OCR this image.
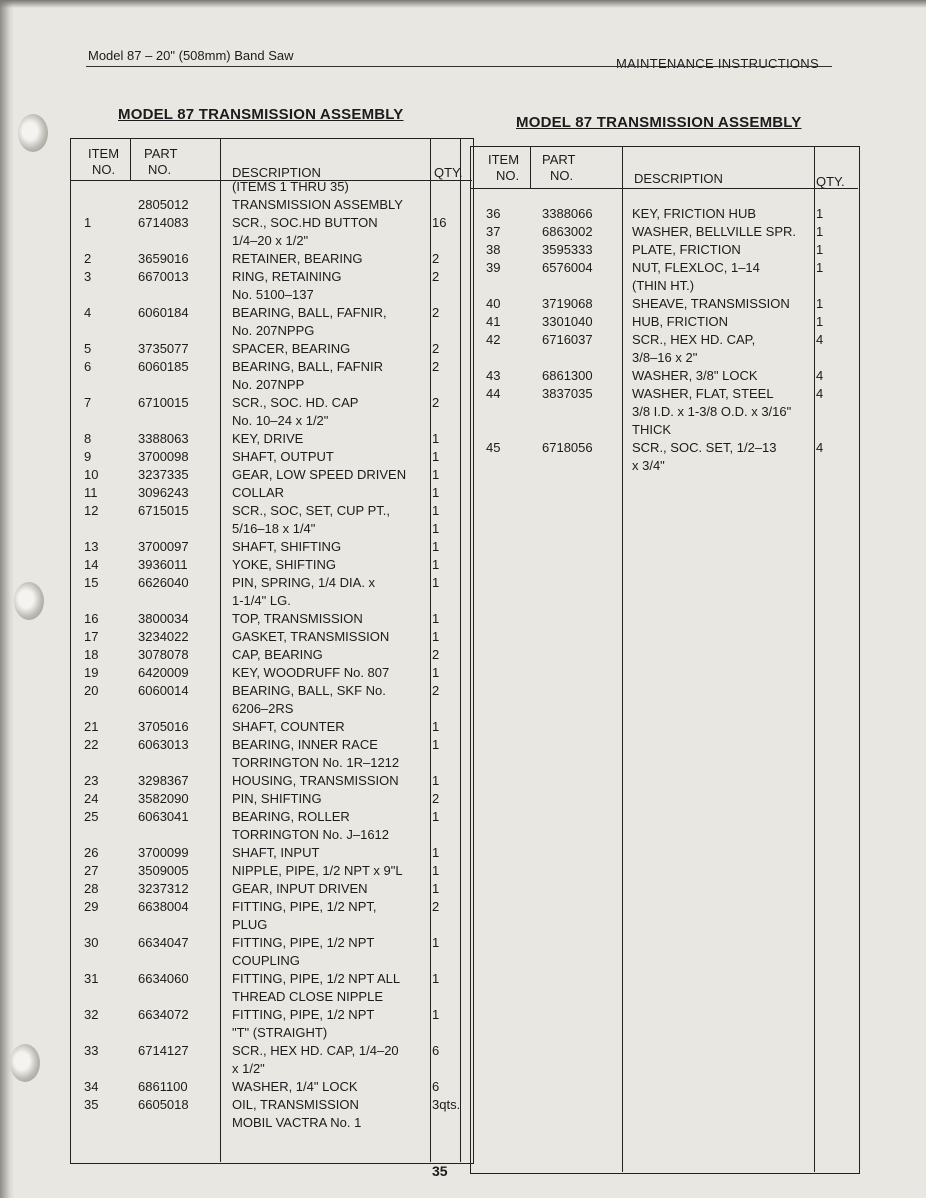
Model 87 – 20" (508mm) Band Saw
MAINTENANCE INSTRUCTIONS
MODEL 87 TRANSMISSION ASSEMBLY	MODEL 87 TRANSMISSION ASSEMBLY
ITEM
NO.
PART
NO.	DESCRIPTION	QTY.
(ITEMS 1 THRU 35)
2805012	TRANSMISSION ASSEMBLY
1	6714083	SCR., SOC.HD BUTTON	16
1/4–20 x 1/2"
2	3659016	RETAINER, BEARING	2
3	6670013	RING, RETAINING	2
No. 5100–137
4	6060184	BEARING, BALL, FAFNIR,	2
No. 207NPPG
5	3735077	SPACER, BEARING	2
6	6060185	BEARING, BALL, FAFNIR	2
No. 207NPP
7	6710015	SCR., SOC. HD. CAP	2
No. 10–24 x 1/2"
8	3388063	KEY, DRIVE	1
9	3700098	SHAFT, OUTPUT	1
10	3237335	GEAR, LOW SPEED DRIVEN 1
11	3096243	COLLAR	1
12	6715015	SCR., SOC, SET, CUP PT.,	1
5/16–18 x 1/4"	1
13	3700097	SHAFT, SHIFTING	1
14	3936011	YOKE, SHIFTING	1
15	6626040	PIN, SPRING, 1/4 DIA. x	1
1-1/4" LG.
16	3800034	TOP, TRANSMISSION	1
17	3234022	GASKET, TRANSMISSION	1
18	3078078	CAP, BEARING	2
19	6420009	KEY, WOODRUFF No. 807	1
20	6060014	BEARING, BALL, SKF No.	2
6206–2RS
21	3705016	SHAFT, COUNTER	1
22	6063013	BEARING, INNER RACE	1
TORRINGTON No. 1R–1212
23	3298367	HOUSING, TRANSMISSION	1
24	3582090	PIN, SHIFTING	2
25	6063041	BEARING, ROLLER	1
TORRINGTON No. J–1612
26	3700099	SHAFT, INPUT	1
27	3509005	NIPPLE, PIPE, 1/2 NPT x 9"L 1
28	3237312	GEAR, INPUT DRIVEN	1
29	6638004	FITTING, PIPE, 1/2 NPT,	2
PLUG
30	6634047	FITTING, PIPE, 1/2 NPT	1
COUPLING
31	6634060	FITTING, PIPE, 1/2 NPT ALL 1
THREAD CLOSE NIPPLE
32	6634072	FITTING, PIPE, 1/2 NPT	1
"T" (STRAIGHT)
33	6714127	SCR., HEX HD. CAP, 1/4–20	6
x 1/2"
34	6861100	WASHER, 1/4" LOCK	6
35	6605018	OIL, TRANSMISSION	3qts.
MOBIL VACTRA No. 1
ITEM
NO.
PART
NO.	DESCRIPTION	QTY.
36	3388066	KEY, FRICTION HUB	1
37	6863002	WASHER, BELLVILLE SPR. 1
38	3595333	PLATE, FRICTION	1
39	6576004	NUT, FLEXLOC, 1–14	1
(THIN HT.)
40	3719068	SHEAVE, TRANSMISSION 1
41	3301040	HUB, FRICTION	1
42	6716037	SCR., HEX HD. CAP,	4
3/8–16 x 2"
43	6861300	WASHER, 3/8" LOCK	4
44	3837035	WASHER, FLAT, STEEL	4
3/8 I.D. x 1-3/8 O.D. x 3/16"
THICK
45	6718056	SCR., SOC. SET, 1/2–13	4
x 3/4"
35
